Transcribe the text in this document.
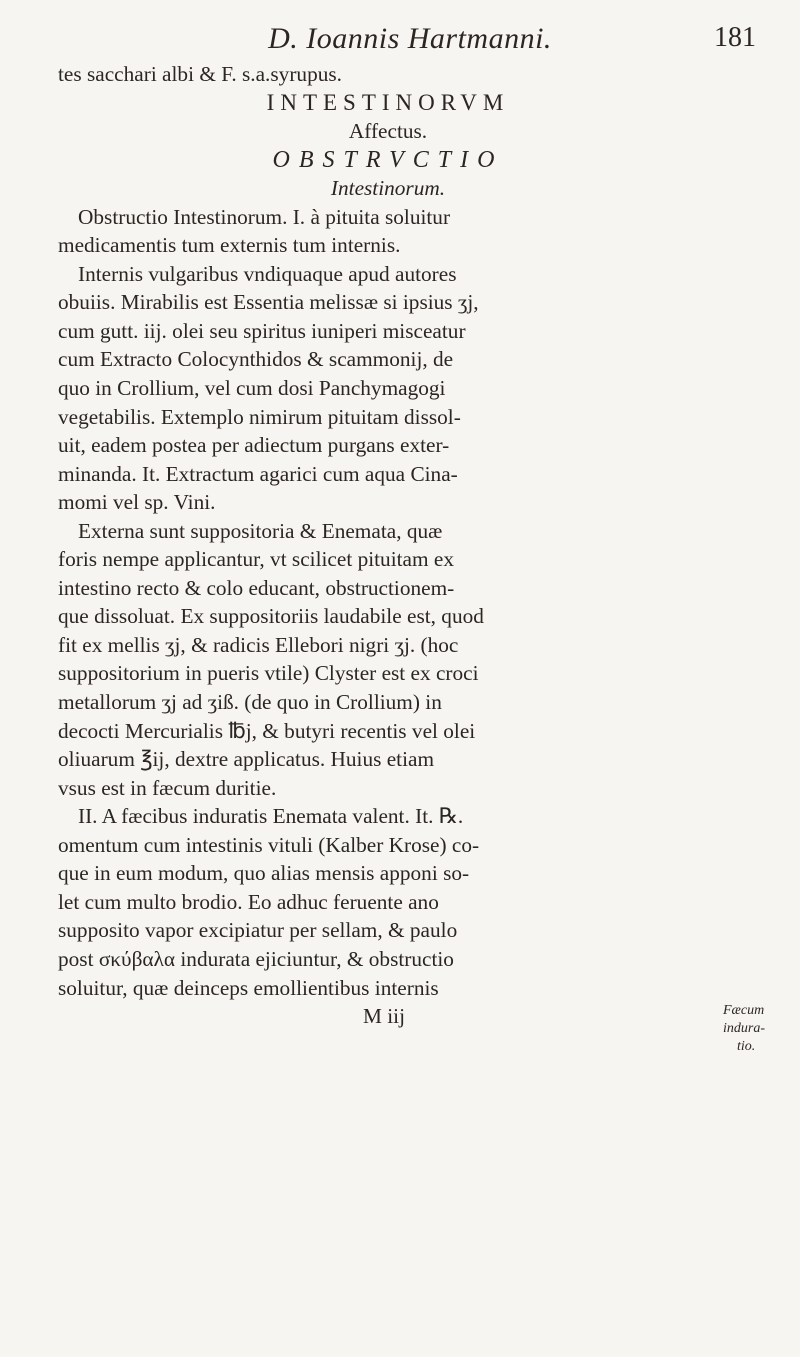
D. Ioannis Hartmanni.	181
tes sacchari albi & F. s.a.syrupus.
INTESTINORVM
Affectus.
OBSTRVCTIO
Intestinorum.
Obstructio Intestinorum. I. à pituita soluitur
medicamentis tum externis tum internis.
Internis vulgaribus vndiquaque apud autores
obuiis. Mirabilis est Essentia melissæ si ipsius ʒj,
cum gutt. iij. olei seu spiritus iuniperi misceatur
cum Extracto Colocynthidos & scammonij, de
quo in Crollium, vel cum dosi Panchymagogi
vegetabilis. Extemplo nimirum pituitam dissol-
uit, eadem postea per adiectum purgans exter-
minanda. It. Extractum agarici cum aqua Cina-
momi vel sp. Vini.
Externa sunt suppositoria & Enemata, quæ
foris nempe applicantur, vt scilicet pituitam ex
intestino recto & colo educant, obstructionem-
que dissoluat. Ex suppositoriis laudabile est, quod
fit ex mellis ʒj, & radicis Ellebori nigri ʒj. (hoc
suppositorium in pueris vtile) Clyster est ex croci
metallorum ʒj ad ʒiß. (de quo in Crollium) in
decocti Mercurialis ℔j, & butyri recentis vel olei
oliuarum ℥ij, dextre applicatus. Huius etiam
vsus est in fæcum duritie.
II. A fæcibus induratis Enemata valent. It. ℞.
omentum cum intestinis vituli (Kalber Krose) co-
que in eum modum, quo alias mensis apponi so-
let cum multo brodio. Eo adhuc feruente ano
supposito vapor excipiatur per sellam, & paulo
post σκύβαλα indurata ejiciuntur, & obstructio
soluitur, quæ deinceps emollientibus internis
M iij	Fæcum
indura-
tio.
